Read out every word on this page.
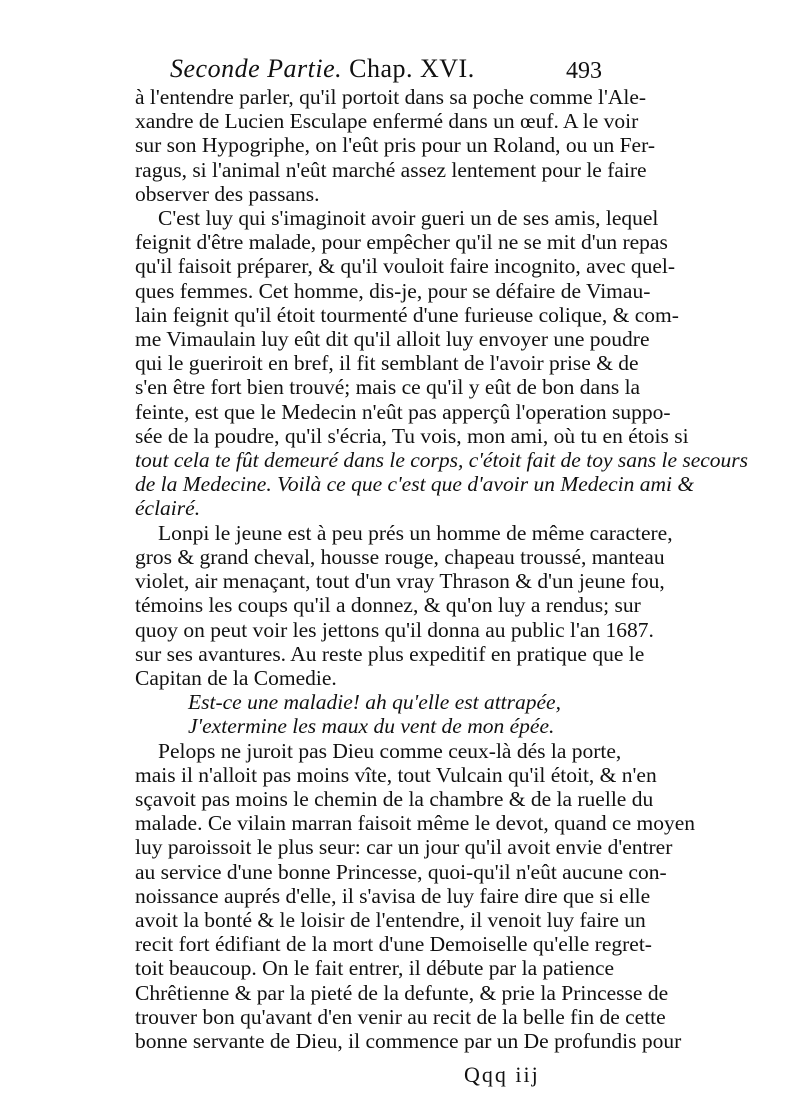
Seconde Partie. Chap. XVI.	493
à l'entendre parler, qu'il portoit dans sa poche comme l'Ale-
xandre de Lucien Esculape enfermé dans un œuf. A le voir
sur son Hypogriphe, on l'eût pris pour un Roland, ou un Fer-
ragus, si l'animal n'eût marché assez lentement pour le faire
observer des passans.
C'est luy qui s'imaginoit avoir gueri un de ses amis, lequel
feignit d'être malade, pour empêcher qu'il ne se mit d'un repas
qu'il faisoit préparer, & qu'il vouloit faire incognito, avec quel-
ques femmes. Cet homme, dis-je, pour se défaire de Vimau-
lain feignit qu'il étoit tourmenté d'une furieuse colique, & com-
me Vimaulain luy eût dit qu'il alloit luy envoyer une poudre
qui le gueriroit en bref, il fit semblant de l'avoir prise & de
s'en être fort bien trouvé; mais ce qu'il y eût de bon dans la
feinte, est que le Medecin n'eût pas apperçû l'operation suppo-
sée de la poudre, qu'il s'écria, Tu vois, mon ami, où tu en étois si
tout cela te fût demeuré dans le corps, c'étoit fait de toy sans le secours
de la Medecine. Voilà ce que c'est que d'avoir un Medecin ami &
éclairé.
Lonpi le jeune est à peu prés un homme de même caractere,
gros & grand cheval, housse rouge, chapeau troussé, manteau
violet, air menaçant, tout d'un vray Thrason & d'un jeune fou,
témoins les coups qu'il a donnez, & qu'on luy a rendus; sur
quoy on peut voir les jettons qu'il donna au public l'an 1687.
sur ses avantures. Au reste plus expeditif en pratique que le
Capitan de la Comedie.
Est-ce une maladie! ah qu'elle est attrapée,
J'extermine les maux du vent de mon épée.
Pelops ne juroit pas Dieu comme ceux-là dés la porte,
mais il n'alloit pas moins vîte, tout Vulcain qu'il étoit, & n'en
sçavoit pas moins le chemin de la chambre & de la ruelle du
malade. Ce vilain marran faisoit même le devot, quand ce moyen
luy paroissoit le plus seur: car un jour qu'il avoit envie d'entrer
au service d'une bonne Princesse, quoi-qu'il n'eût aucune con-
noissance auprés d'elle, il s'avisa de luy faire dire que si elle
avoit la bonté & le loisir de l'entendre, il venoit luy faire un
recit fort édifiant de la mort d'une Demoiselle qu'elle regret-
toit beaucoup. On le fait entrer, il débute par la patience
Chrêtienne & par la pieté de la defunte, & prie la Princesse de
trouver bon qu'avant d'en venir au recit de la belle fin de cette
bonne servante de Dieu, il commence par un De profundis pour
Qqq iij
